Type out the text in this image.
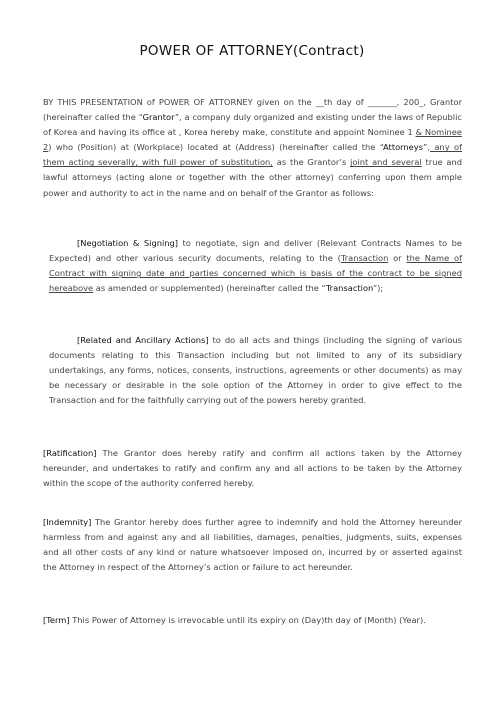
POWER OF ATTORNEY(Contract)

BY THIS PRESENTATION of POWER OF ATTORNEY given on the __th day of _______, 200_, Grantor (hereinafter called the “Grantor”, a company duly organized and existing under the laws of Republic of Korea and having its office at , Korea hereby make, constitute and appoint Nominee 1 & Nominee 2) who (Position) at (Workplace) located at (Address) (hereinafter called the “Attorneys”, any of them acting severally, with full power of substitution, as the Grantor’s joint and several true and lawful attorneys (acting alone or together with the other attorney) conferring upon them ample power and authority to act in the name and on behalf of the Grantor as follows:

[Negotiation & Signing] to negotiate, sign and deliver (Relevant Contracts Names to be Expected) and other various security documents, relating to the (Transaction or the Name of Contract with signing date and parties concerned which is basis of the contract to be signed hereabove as amended or supplemented) (hereinafter called the “Transaction”);

[Related and Ancillary Actions] to do all acts and things (including the signing of various documents relating to this Transaction including but not limited to any of its subsidiary undertakings, any forms, notices, consents, instructions, agreements or other documents) as may be necessary or desirable in the sole option of the Attorney in order to give effect to the Transaction and for the faithfully carrying out of the powers hereby granted.

[Ratification] The Grantor does hereby ratify and confirm all actions taken by the Attorney hereunder, and undertakes to ratify and confirm any and all actions to be taken by the Attorney within the scope of the authority conferred hereby.

[Indemnity] The Grantor hereby does further agree to indemnify and hold the Attorney hereunder harmless from and against any and all liabilities, damages, penalties, judgments, suits, expenses and all other costs of any kind or nature whatsoever imposed on, incurred by or asserted against the Attorney in respect of the Attorney’s action or failure to act hereunder.

[Term] This Power of Attorney is irrevocable until its expiry on (Day)th day of (Month) (Year).
